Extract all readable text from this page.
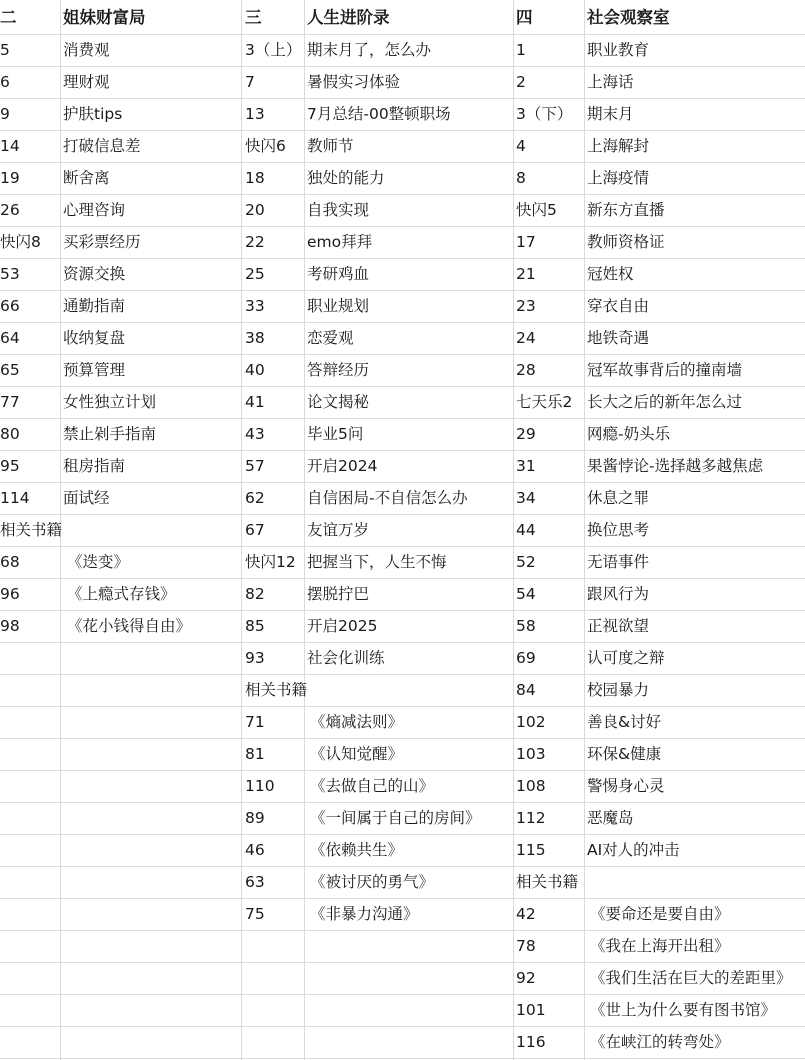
二	姐妹财富局
5	消费观
6	理财观
9	护肤tips
14	打破信息差
19	断舍离
26	心理咨询
快闪8 买彩票经历
53	资源交换
66	通勤指南
64	收纳复盘
65	预算管理
77	女性独立计划
80	禁止剁手指南
95	租房指南
114 面试经
相关书籍
68	《迭变》
96	《上瘾式存钱》
98	《花小钱得自由》
三	人生进阶录
3（上） 期末月了，怎么办
7	暑假实习体验
13	7月总结-00整顿职场
快闪6 教师节
18	独处的能力
20	自我实现
22	emo拜拜
25	考研鸡血
33	职业规划
38	恋爱观
40	答辩经历
41	论文揭秘
43	毕业5问
57	开启2024
62	自信困局-不自信怎么办
67	友谊万岁
快闪12 把握当下，人生不悔
82	摆脱拧巴
85	开启2025
93	社会化训练
相关书籍
71	《熵减法则》
81	《认知觉醒》
110 《去做自己的山》
89	《一间属于自己的房间》
46	《依赖共生》
63	《被讨厌的勇气》
75	《非暴力沟通》
四	社会观察室
1	职业教育
2	上海话
3（下） 期末月
4	上海解封
8	上海疫情
快闪5 新东方直播
17	教师资格证
21	冠姓权
23	穿衣自由
24	地铁奇遇
28	冠军故事背后的撞南墙
七天乐2 长大之后的新年怎么过
29	网瘾-奶头乐
31	果酱悖论-选择越多越焦虑
34	休息之罪
44	换位思考
52	无语事件
54	跟风行为
58	正视欲望
69	认可度之辩
84	校园暴力
102	善良&讨好
103	环保&健康
108	警惕身心灵
112	恶魔岛
115	AI对人的冲击
相关书籍
42	《要命还是要自由》
78	《我在上海开出租》
92	《我们生活在巨大的差距里》
101	《世上为什么要有图书馆》
116	《在峡江的转弯处》
